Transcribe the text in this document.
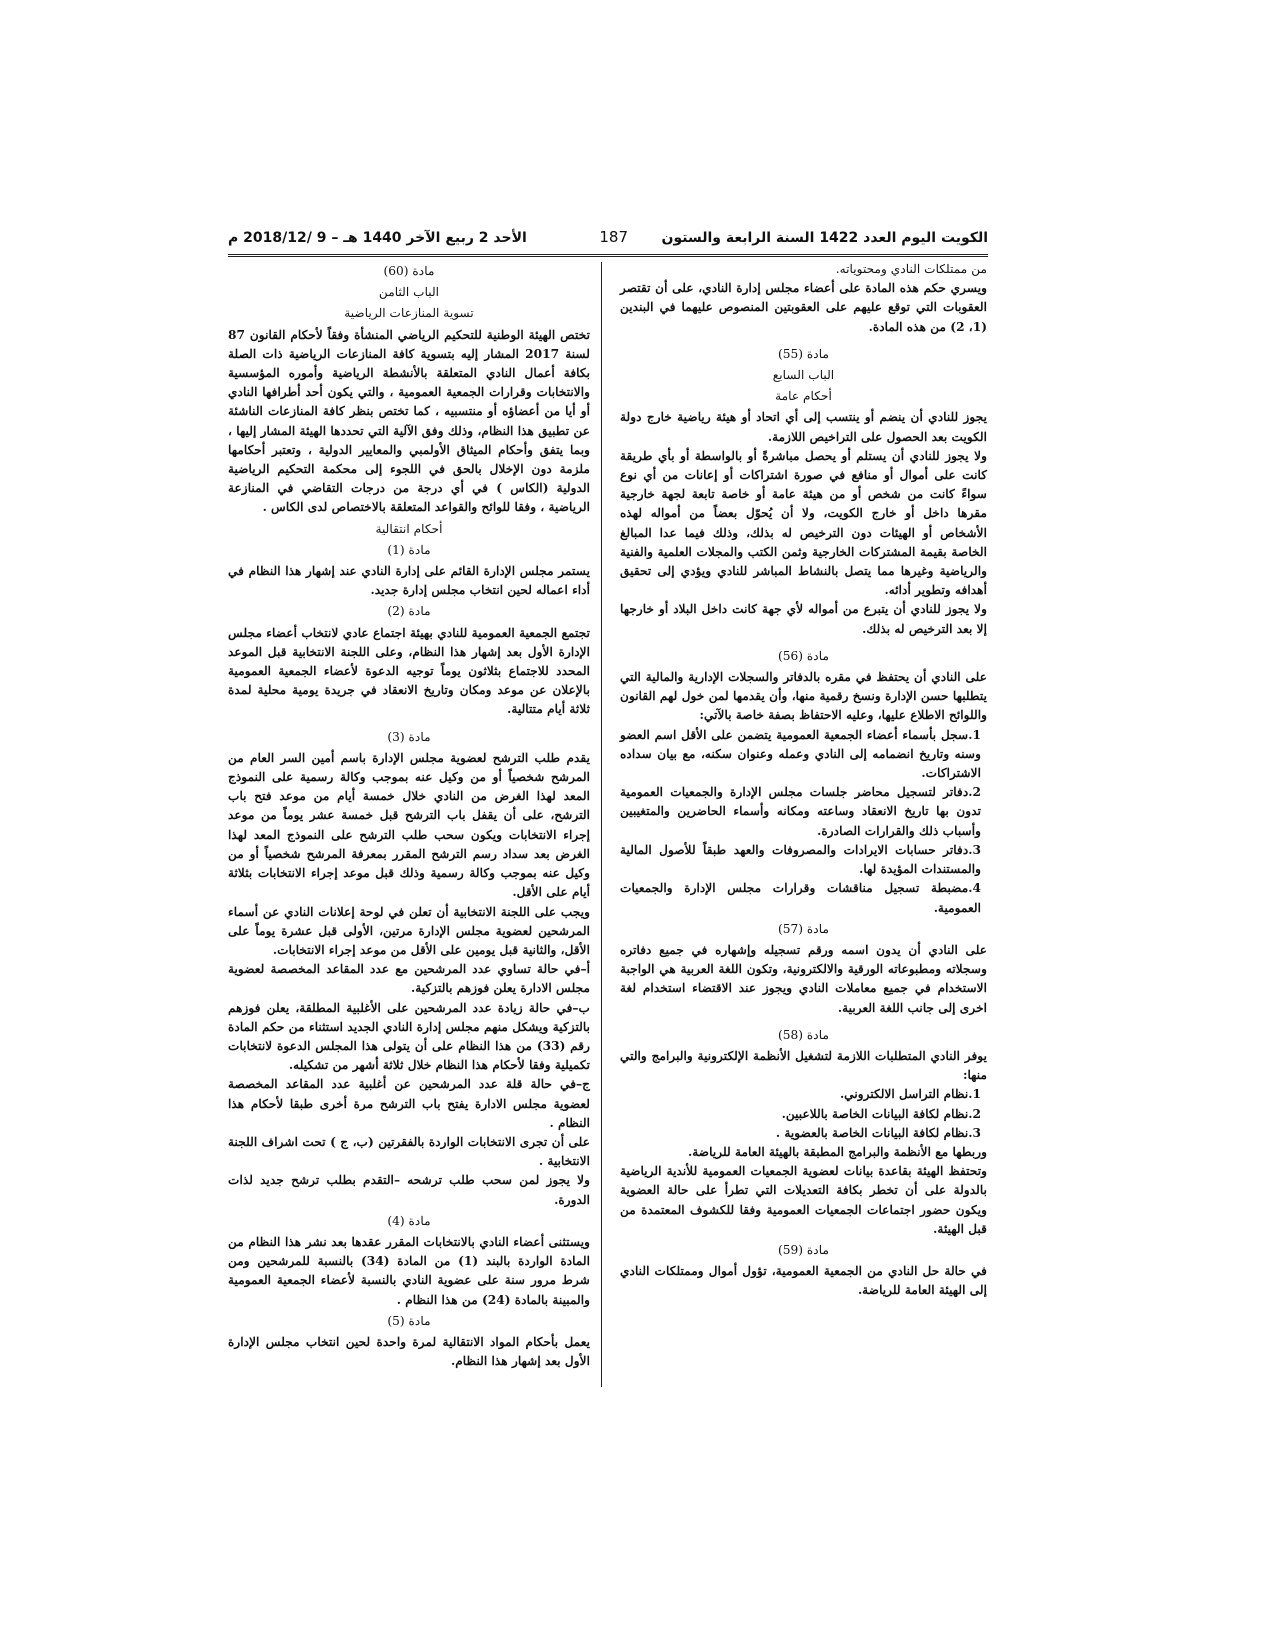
الكويت اليوم العدد 1422 السنة الرابعة والستون
187
الأحد 2 ربيع الآخر 1440 هـ – 9 /2018/12 م

من ممتلكات النادي ومحتوياته.

ويسري حكم هذه المادة على أعضاء مجلس إدارة النادي، على أن تقتصر العقوبات التي توقع عليهم على العقوبتين المنصوص عليهما في البندين (1، 2) من هذه المادة.

مادة (55)

الباب السابع

أحكام عامة

يجوز للنادي أن ينضم أو ينتسب إلى أي اتحاد أو هيئة رياضية خارج دولة الكويت بعد الحصول على التراخيص اللازمة.

ولا يجوز للنادي أن يستلم أو يحصل مباشرةً أو بالواسطة أو بأي طريقة كانت على أموال أو منافع في صورة اشتراكات أو إعانات من أي نوع سواءً كانت من شخص أو من هيئة عامة أو خاصة تابعة لجهة خارجية مقرها داخل أو خارج الكويت، ولا أن يُحوّل بعضاً من أمواله لهذه الأشخاص أو الهيئات دون الترخيص له بذلك، وذلك فيما عدا المبالغ الخاصة بقيمة المشتركات الخارجية وثمن الكتب والمجلات العلمية والفنية والرياضية وغيرها مما يتصل بالنشاط المباشر للنادي ويؤدي إلى تحقيق أهدافه وتطوير أدائه.

ولا يجوز للنادي أن يتبرع من أمواله لأي جهة كانت داخل البلاد أو خارجها إلا بعد الترخيص له بذلك.

مادة (56)

على النادي أن يحتفظ في مقره بالدفاتر والسجلات الإدارية والمالية التي يتطلبها حسن الإدارة ونسخ رقمية منها، وأن يقدمها لمن خول لهم القانون واللوائح الاطلاع عليها، وعليه الاحتفاظ بصفة خاصة بالآتي:

1.سجل بأسماء أعضاء الجمعية العمومية يتضمن على الأقل اسم العضو وسنه وتاريخ انضمامه إلى النادي وعمله وعنوان سكنه، مع بيان سداده الاشتراكات.

2.دفاتر لتسجيل محاضر جلسات مجلس الإدارة والجمعيات العمومية تدون بها تاريخ الانعقاد وساعته ومكانه وأسماء الحاضرين والمتغيبين وأسباب ذلك والقرارات الصادرة.

3.دفاتر حسابات الايرادات والمصروفات والعهد طبقاً للأصول المالية والمستندات المؤيدة لها.

4.مضبطة تسجيل مناقشات وقرارات مجلس الإدارة والجمعيات العمومية.

مادة (57)

على النادي أن يدون اسمه ورقم تسجيله وإشهاره في جميع دفاتره وسجلاته ومطبوعاته الورقية والالكترونية، وتكون اللغة العربية هي الواجبة الاستخدام في جميع معاملات النادي ويجوز عند الاقتضاء استخدام لغة اخرى إلى جانب اللغة العربية.

مادة (58)

يوفر النادي المتطلبات اللازمة لتشغيل الأنظمة الإلكترونية والبرامج والتي منها:

1.نظام التراسل الالكتروني.

2.نظام لكافة البيانات الخاصة باللاعبين.

3.نظام لكافة البيانات الخاصة بالعضوية .

وربطها مع الأنظمة والبرامج المطبقة بالهيئة العامة للرياضة.

وتحتفظ الهيئة بقاعدة بيانات لعضوية الجمعيات العمومية للأندية الرياضية بالدولة على أن تخطر بكافة التعديلات التي تطرأ على حالة العضوية ويكون حضور اجتماعات الجمعيات العمومية وفقا للكشوف المعتمدة من قبل الهيئة.

مادة (59)

في حالة حل النادي من الجمعية العمومية، تؤول أموال وممتلكات النادي إلى الهيئة العامة للرياضة.

مادة (60)

الباب الثامن

تسوية المنازعات الرياضية

تختص الهيئة الوطنية للتحكيم الرياضي المنشأة وفقاً لأحكام القانون 87 لسنة 2017 المشار إليه بتسوية كافة المنازعات الرياضية ذات الصلة بكافة أعمال النادي المتعلقة بالأنشطة الرياضية وأموره المؤسسية والانتخابات وقرارات الجمعية العمومية ، والتي يكون أحد أطرافها النادي أو أيا من أعضاؤه أو منتسبيه ، كما تختص بنظر كافة المنازعات الناشئة عن تطبيق هذا النظام، وذلك وفق الآلية التي تحددها الهيئة المشار إليها ، وبما يتفق وأحكام الميثاق الأولمبي والمعايير الدولية ، وتعتبر أحكامها ملزمة دون الإخلال بالحق في اللجوء إلى محكمة التحكيم الرياضية الدولية (الكاس ) في أي درجة من درجات التقاضي في المنازعة الرياضية ، وفقا للوائح والقواعد المتعلقة بالاختصاص لدى الكاس .

أحكام انتقالية

مادة (1)

يستمر مجلس الإدارة القائم على إدارة النادي عند إشهار هذا النظام في أداء اعماله لحين انتخاب مجلس إدارة جديد.

مادة (2)

تجتمع الجمعية العمومية للنادي بهيئة اجتماع عادي لانتخاب أعضاء مجلس الإدارة الأول بعد إشهار هذا النظام، وعلى اللجنة الانتخابية قبل الموعد المحدد للاجتماع بثلاثون يوماً توجيه الدعوة لأعضاء الجمعية العمومية بالإعلان عن موعد ومكان وتاريخ الانعقاد في جريدة يومية محلية لمدة ثلاثة أيام متتالية.

مادة (3)

يقدم طلب الترشح لعضوية مجلس الإدارة باسم أمين السر العام من المرشح شخصياً أو من وكيل عنه بموجب وكالة رسمية على النموذج المعد لهذا الغرض من النادي خلال خمسة أيام من موعد فتح باب الترشح، على أن يقفل باب الترشح قبل خمسة عشر يوماً من موعد إجراء الانتخابات ويكون سحب طلب الترشح على النموذج المعد لهذا الغرض بعد سداد رسم الترشح المقرر بمعرفة المرشح شخصياً أو من وكيل عنه بموجب وكالة رسمية وذلك قبل موعد إجراء الانتخابات بثلاثة أيام على الأقل.

ويجب على اللجنة الانتخابية أن تعلن في لوحة إعلانات النادي عن أسماء المرشحين لعضوية مجلس الإدارة مرتين، الأولى قبل عشرة يوماً على الأقل، والثانية قبل يومين على الأقل من موعد إجراء الانتخابات.

أ–في حالة تساوي عدد المرشحين مع عدد المقاعد المخصصة لعضوية مجلس الادارة يعلن فوزهم بالتزكية.

ب–في حالة زيادة عدد المرشحين على الأغلبية المطلقة، يعلن فوزهم بالتزكية ويشكل منهم مجلس إدارة النادي الجديد استثناء من حكم المادة رقم (33) من هذا النظام على أن يتولى هذا المجلس الدعوة لانتخابات تكميلية وفقا لأحكام هذا النظام خلال ثلاثة أشهر من تشكيله.

ج–في حالة قلة عدد المرشحين عن أغلبية عدد المقاعد المخصصة لعضوية مجلس الادارة يفتح باب الترشح مرة أخرى طبقا لأحكام هذا النظام .

على أن تجرى الانتخابات الواردة بالفقرتين (ب، ج ) تحت اشراف اللجنة الانتخابية .

ولا يجوز لمن سحب طلب ترشحه –التقدم بطلب ترشح جديد لذات الدورة.

مادة (4)

ويستثنى أعضاء النادي بالانتخابات المقرر عقدها بعد نشر هذا النظام من المادة الواردة بالبند (1) من المادة (34) بالنسبة للمرشحين ومن شرط مرور سنة على عضوية النادي بالنسبة لأعضاء الجمعية العمومية والمبينة بالمادة (24) من هذا النظام .

مادة (5)

يعمل بأحكام المواد الانتقالية لمرة واحدة لحين انتخاب مجلس الإدارة الأول بعد إشهار هذا النظام.
